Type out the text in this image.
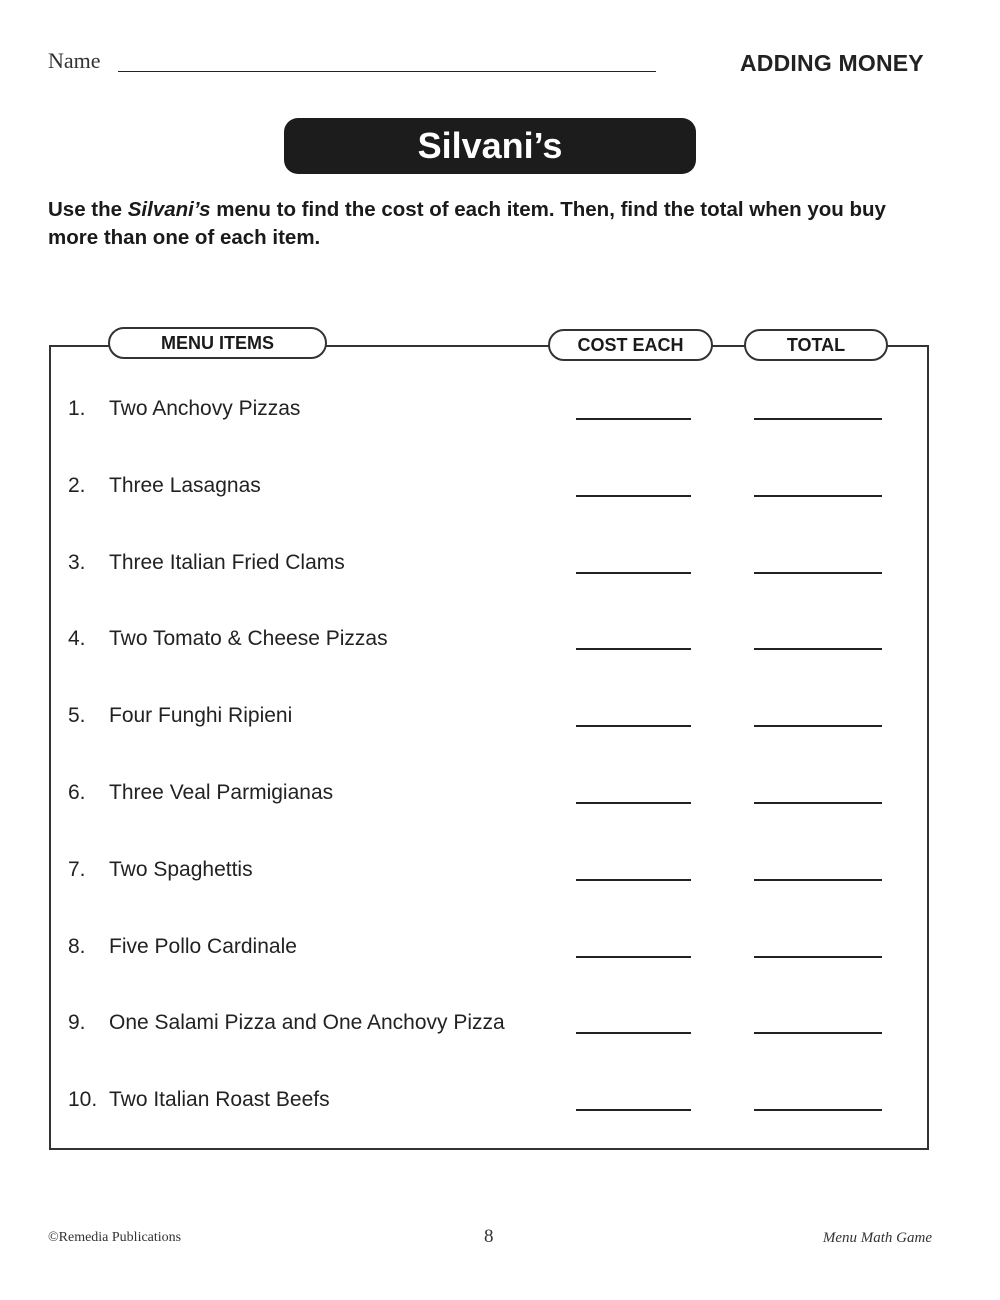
Name	ADDING MONEY
Silvani’s
Use the Silvani’s menu to find the cost of each item. Then, find the total when you buy more than one of each item.
MENU ITEMS	COST EACH	TOTAL
1. Two Anchovy Pizzas
2. Three Lasagnas
3. Three Italian Fried Clams
4. Two Tomato & Cheese Pizzas
5. Four Funghi Ripieni
6. Three Veal Parmigianas
7. Two Spaghettis
8. Five Pollo Cardinale
9. One Salami Pizza and One Anchovy Pizza
10. Two Italian Roast Beefs
©Remedia Publications	8	Menu Math Game
